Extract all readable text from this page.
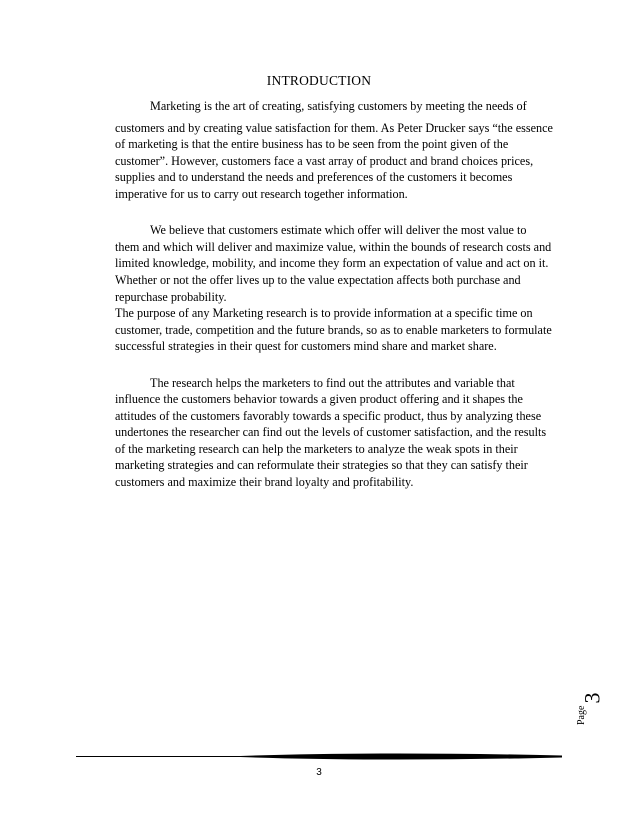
INTRODUCTION
Marketing is the art of creating, satisfying customers by meeting the needs of
customers and by creating value satisfaction for them. As Peter Drucker says “the essence
of marketing is that the entire business has to be seen from the point given of the
customer”. However, customers face a vast array of product and brand choices prices,
supplies and to understand the needs and preferences of the customers it becomes
imperative for us to carry out research together information.
We believe that customers estimate which offer will deliver the most value to
them and which will deliver and maximize value, within the bounds of research costs and
limited knowledge, mobility, and income they form an expectation of value and act on it.
Whether or not the offer lives up to the value expectation affects both purchase and
repurchase probability.
The purpose of any Marketing research is to provide information at a specific time on
customer, trade, competition and the future brands, so as to enable marketers to formulate
successful strategies in their quest for customers mind share and market share.
The research helps the marketers to find out the attributes and variable that
influence the customers behavior towards a given product offering and it shapes the
attitudes of the customers favorably towards a specific product, thus by analyzing these
undertones the researcher can find out the levels of customer satisfaction, and the results
of the marketing research can help the marketers to analyze the weak spots in their
marketing strategies and can reformulate their strategies so that they can satisfy their
customers and maximize their brand loyalty and profitability.
Page
3
3
